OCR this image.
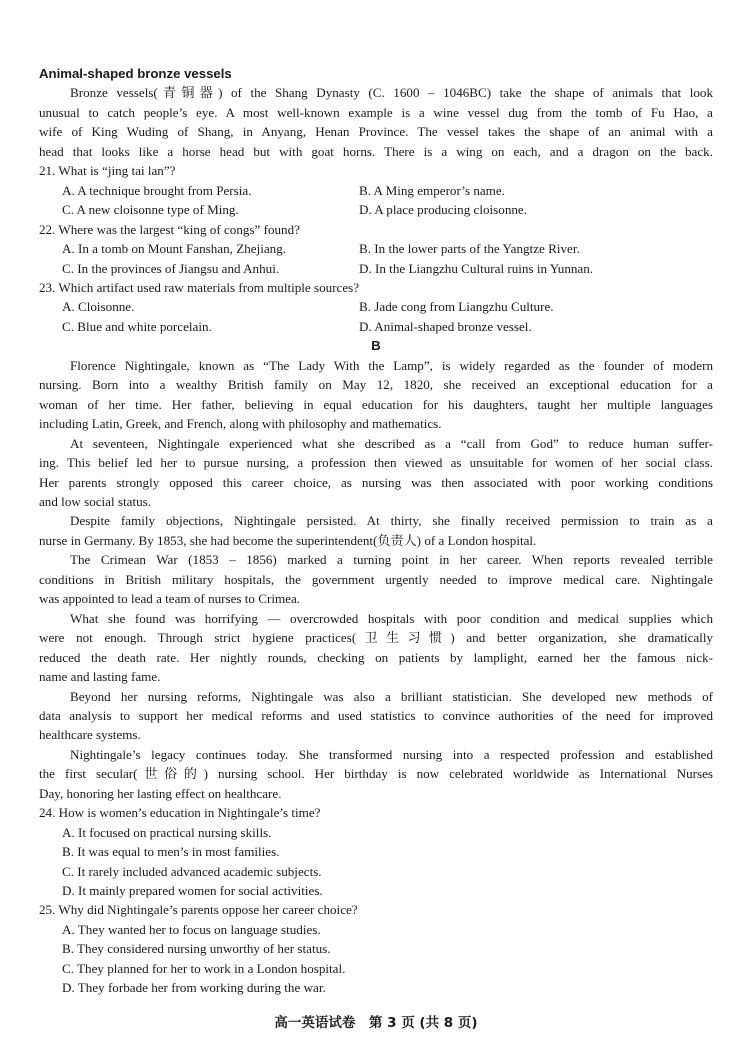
Animal-shaped bronze vessels
Bronze vessels(青铜器) of the Shang Dynasty (C. 1600 – 1046BC) take the shape of animals that look
unusual to catch people’s eye. A most well-known example is a wine vessel dug from the tomb of Fu Hao, a
wife of King Wuding of Shang, in Anyang, Henan Province. The vessel takes the shape of an animal with a
head that looks like a horse head but with goat horns. There is a wing on each, and a dragon on the back.
21. What is “jing tai lan”?
A. A technique brought from Persia.	B. A Ming emperor’s name.
C. A new cloisonne type of Ming.	D. A place producing cloisonne.
22. Where was the largest “king of congs” found?
A. In a tomb on Mount Fanshan, Zhejiang.	B. In the lower parts of the Yangtze River.
C. In the provinces of Jiangsu and Anhui.	D. In the Liangzhu Cultural ruins in Yunnan.
23. Which artifact used raw materials from multiple sources?
A. Cloisonne.	B. Jade cong from Liangzhu Culture.
C. Blue and white porcelain.	D. Animal-shaped bronze vessel.
B
Florence Nightingale, known as “The Lady With the Lamp”, is widely regarded as the founder of modern
nursing. Born into a wealthy British family on May 12, 1820, she received an exceptional education for a
woman of her time. Her father, believing in equal education for his daughters, taught her multiple languages
including Latin, Greek, and French, along with philosophy and mathematics.
At seventeen, Nightingale experienced what she described as a “call from God” to reduce human suffer-
ing. This belief led her to pursue nursing, a profession then viewed as unsuitable for women of her social class.
Her parents strongly opposed this career choice, as nursing was then associated with poor working conditions
and low social status.
Despite family objections, Nightingale persisted. At thirty, she finally received permission to train as a
nurse in Germany. By 1853, she had become the superintendent(负责人) of a London hospital.
The Crimean War (1853 – 1856) marked a turning point in her career. When reports revealed terrible
conditions in British military hospitals, the government urgently needed to improve medical care. Nightingale
was appointed to lead a team of nurses to Crimea.
What she found was horrifying — overcrowded hospitals with poor condition and medical supplies which
were not enough. Through strict hygiene practices(卫生习惯) and better organization, she dramatically
reduced the death rate. Her nightly rounds, checking on patients by lamplight, earned her the famous nick-
name and lasting fame.
Beyond her nursing reforms, Nightingale was also a brilliant statistician. She developed new methods of
data analysis to support her medical reforms and used statistics to convince authorities of the need for improved
healthcare systems.
Nightingale’s legacy continues today. She transformed nursing into a respected profession and established
the first secular(世俗的) nursing school. Her birthday is now celebrated worldwide as International Nurses
Day, honoring her lasting effect on healthcare.
24. How is women’s education in Nightingale’s time?
A. It focused on practical nursing skills.
B. It was equal to men’s in most families.
C. It rarely included advanced academic subjects.
D. It mainly prepared women for social activities.
25. Why did Nightingale’s parents oppose her career choice?
A. They wanted her to focus on language studies.
B. They considered nursing unworthy of her status.
C. They planned for her to work in a London hospital.
D. They forbade her from working during the war.
高一英语试卷　第 3 页 (共 8 页)
